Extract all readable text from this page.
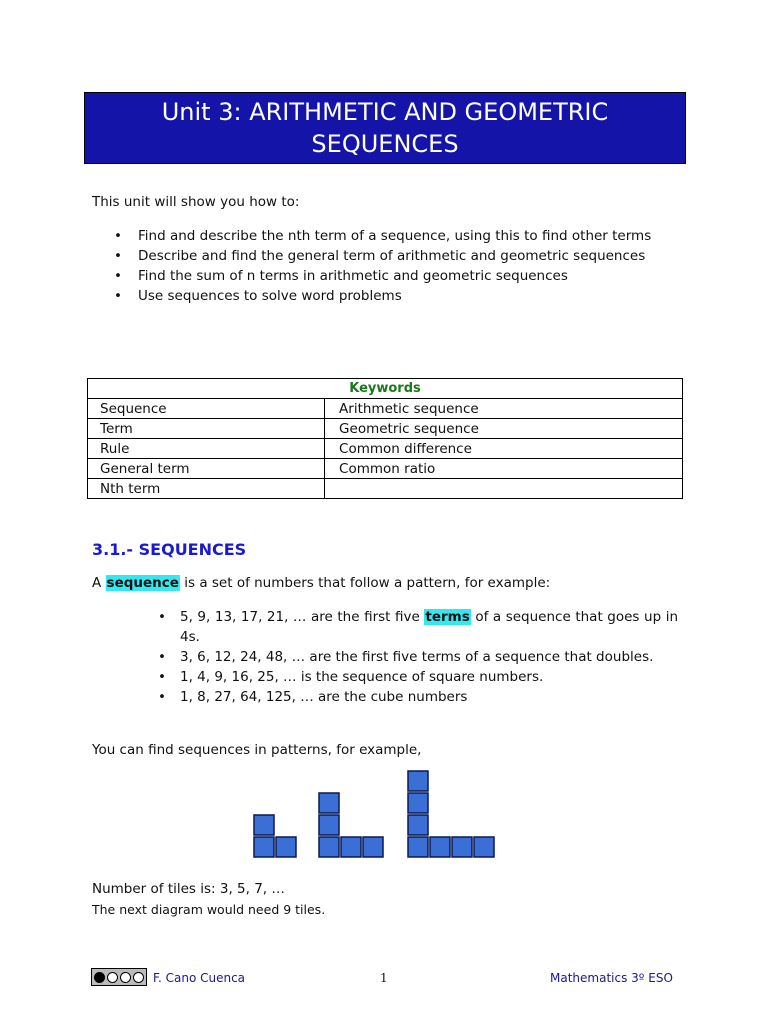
Unit 3: ARITHMETIC AND GEOMETRIC
SEQUENCES
This unit will show you how to:
• Find and describe the nth term of a sequence, using this to find other terms
• Describe and find the general term of arithmetic and geometric sequences
• Find the sum of n terms in arithmetic and geometric sequences
• Use sequences to solve word problems
Keywords	
Sequence	Arithmetic sequence
Term	Geometric sequence
Rule	Common difference
General term	Common ratio
Nth term	
3.1.- SEQUENCES
A sequence is a set of numbers that follow a pattern, for example:
• 5, 9, 13, 17, 21, … are the first five terms of a sequence that goes up in 4s.
• 3, 6, 12, 24, 48, … are the first five terms of a sequence that doubles.
• 1, 4, 9, 16, 25, … is the sequence of square numbers.
• 1, 8, 27, 64, 125, … are the cube numbers
You can find sequences in patterns, for example,
Number of tiles is: 3, 5, 7, …
The next diagram would need 9 tiles.
F. Cano Cuenca	1	Mathematics 3º ESO
